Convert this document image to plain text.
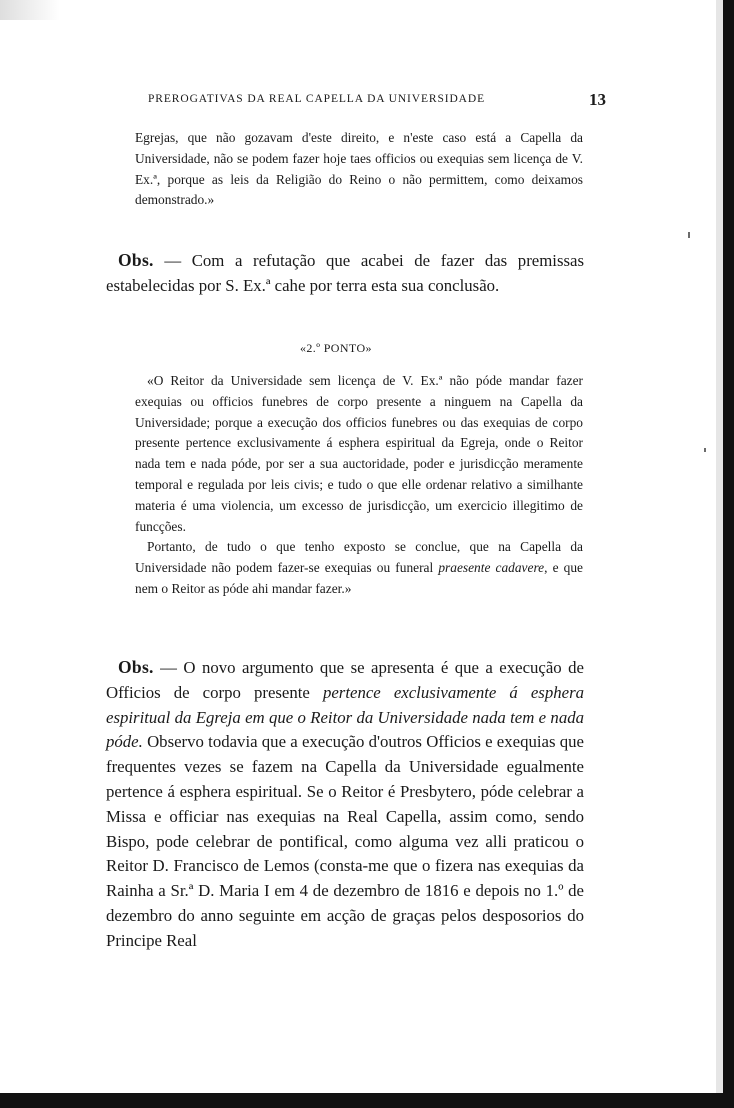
PREROGATIVAS DA REAL CAPELLA DA UNIVERSIDADE	13

Egrejas, que não gozavam d'este direito, e n'este caso está a Capella da Universidade, não se podem fazer hoje taes officios ou exequias sem licença de V. Ex.ª, porque as leis da Religião do Reino o não permittem, como deixamos demonstrado.»

Obs. — Com a refutação que acabei de fazer das premissas estabelecidas por S. Ex.ª cahe por terra esta sua conclusão.

«2.º PONTO»

«O Reitor da Universidade sem licença de V. Ex.ª não póde mandar fazer exequias ou officios funebres de corpo presente a ninguem na Capella da Universidade; porque a execução dos officios funebres ou das exequias de corpo presente pertence exclusivamente á esphera espiritual da Egreja, onde o Reitor nada tem e nada póde, por ser a sua auctoridade, poder e jurisdicção meramente temporal e regulada por leis civis; e tudo o que elle ordenar relativo a similhante materia é uma violencia, um excesso de jurisdicção, um exercicio illegitimo de funcções.

Portanto, de tudo o que tenho exposto se conclue, que na Capella da Universidade não podem fazer-se exequias ou funeral praesente cadavere, e que nem o Reitor as póde ahi mandar fazer.»

Obs. — O novo argumento que se apresenta é que a execução de Officios de corpo presente pertence exclusivamente á esphera espiritual da Egreja em que o Reitor da Universidade nada tem e nada póde. Observo todavia que a execução d'outros Officios e exequias que frequentes vezes se fazem na Capella da Universidade egualmente pertence á esphera espiritual. Se o Reitor é Presbytero, póde celebrar a Missa e officiar nas exequias na Real Capella, assim como, sendo Bispo, pode celebrar de pontifical, como alguma vez alli praticou o Reitor D. Francisco de Lemos (consta-me que o fizera nas exequias da Rainha a Sr.ª D. Maria I em 4 de dezembro de 1816 e depois no 1.º de dezembro do anno seguinte em acção de graças pelos desposorios do Principe Real
